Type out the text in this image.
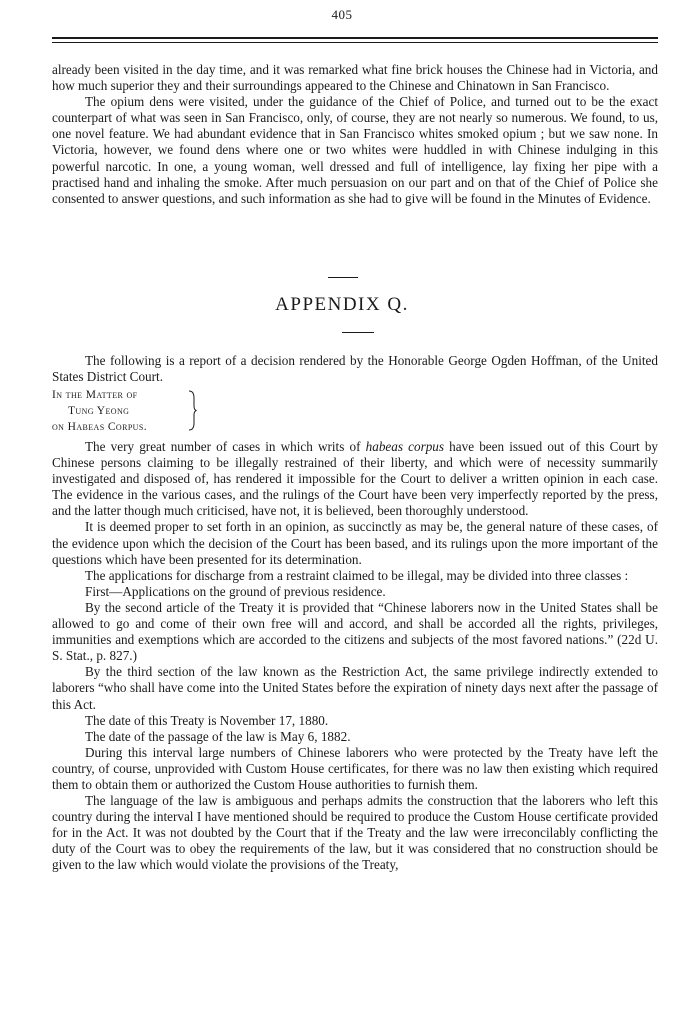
405

already been visited in the day time, and it was remarked what fine brick houses the Chinese had in Victoria, and how much superior they and their surroundings appeared to the Chinese and Chinatown in San Francisco.

The opium dens were visited, under the guidance of the Chief of Police, and turned out to be the exact counterpart of what was seen in San Francisco, only, of course, they are not nearly so numerous. We found, to us, one novel feature. We had abundant evidence that in San Francisco whites smoked opium ; but we saw none. In Victoria, however, we found dens where one or two whites were huddled in with Chinese indulging in this powerful narcotic. In one, a young woman, well dressed and full of intelligence, lay fixing her pipe with a practised hand and inhaling the smoke. After much persuasion on our part and on that of the Chief of Police she consented to answer questions, and such information as she had to give will be found in the Minutes of Evidence.

APPENDIX Q.

The following is a report of a decision rendered by the Honorable George Ogden Hoffman, of the United States District Court.

In the Matter of
Tung Yeong
on Habeas Corpus.

The very great number of cases in which writs of habeas corpus have been issued out of this Court by Chinese persons claiming to be illegally restrained of their liberty, and which were of necessity summarily investigated and disposed of, has rendered it impossible for the Court to deliver a written opinion in each case. The evidence in the various cases, and the rulings of the Court have been very imperfectly reported by the press, and the latter though much criticised, have not, it is believed, been thoroughly understood.

It is deemed proper to set forth in an opinion, as succinctly as may be, the general nature of these cases, of the evidence upon which the decision of the Court has been based, and its rulings upon the more important of the questions which have been presented for its determination.

The applications for discharge from a restraint claimed to be illegal, may be divided into three classes :

First—Applications on the ground of previous residence.

By the second article of the Treaty it is provided that “Chinese laborers now in the United States shall be allowed to go and come of their own free will and accord, and shall be accorded all the rights, privileges, immunities and exemptions which are accorded to the citizens and subjects of the most favored nations.” (22d U. S. Stat., p. 827.)

By the third section of the law known as the Restriction Act, the same privilege indirectly extended to laborers “who shall have come into the United States before the expiration of ninety days next after the passage of this Act.

The date of this Treaty is November 17, 1880.

The date of the passage of the law is May 6, 1882.

During this interval large numbers of Chinese laborers who were protected by the Treaty have left the country, of course, unprovided with Custom House certificates, for there was no law then existing which required them to obtain them or authorized the Custom House authorities to furnish them.

The language of the law is ambiguous and perhaps admits the construction that the laborers who left this country during the interval I have mentioned should be required to produce the Custom House certificate provided for in the Act. It was not doubted by the Court that if the Treaty and the law were irreconcilably conflicting the duty of the Court was to obey the requirements of the law, but it was considered that no construction should be given to the law which would violate the provisions of the Treaty,
